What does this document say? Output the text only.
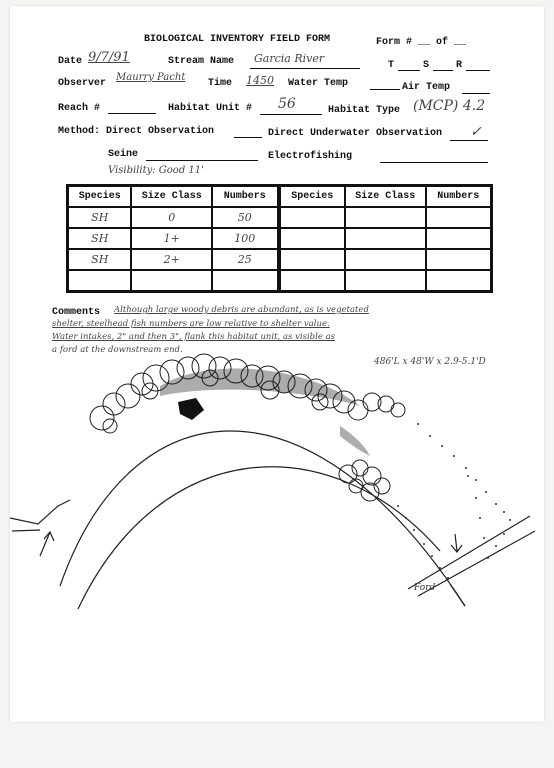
BIOLOGICAL INVENTORY FIELD FORM	Form # __ of __
Date 9/7/91	Stream Name Garcia River
T	S	R
Observer
Maurry Pacht
Time 1450 Water Temp	Air Temp
Reach #	Habitat Unit # 56	Habitat Type (MCP) 4.2
Method: Direct Observation	Direct Underwater Observation ✓
Seine	Electrofishing
Visibility: Good 11'
Species	Size Class	Numbers	Species	Size Class	Numbers
SH	0	50			
SH	1+	100			
SH	2+	25			

Comments Although large woody debris are abundant, as is vegetated
shelter, steelhead fish numbers are low relative to shelter value.
Water intakes, 2" and then 3", flank this habitat unit, as visible as
a ford at the downstream end.
486'L x 48'W x 2.9-5.1'D
Ford
